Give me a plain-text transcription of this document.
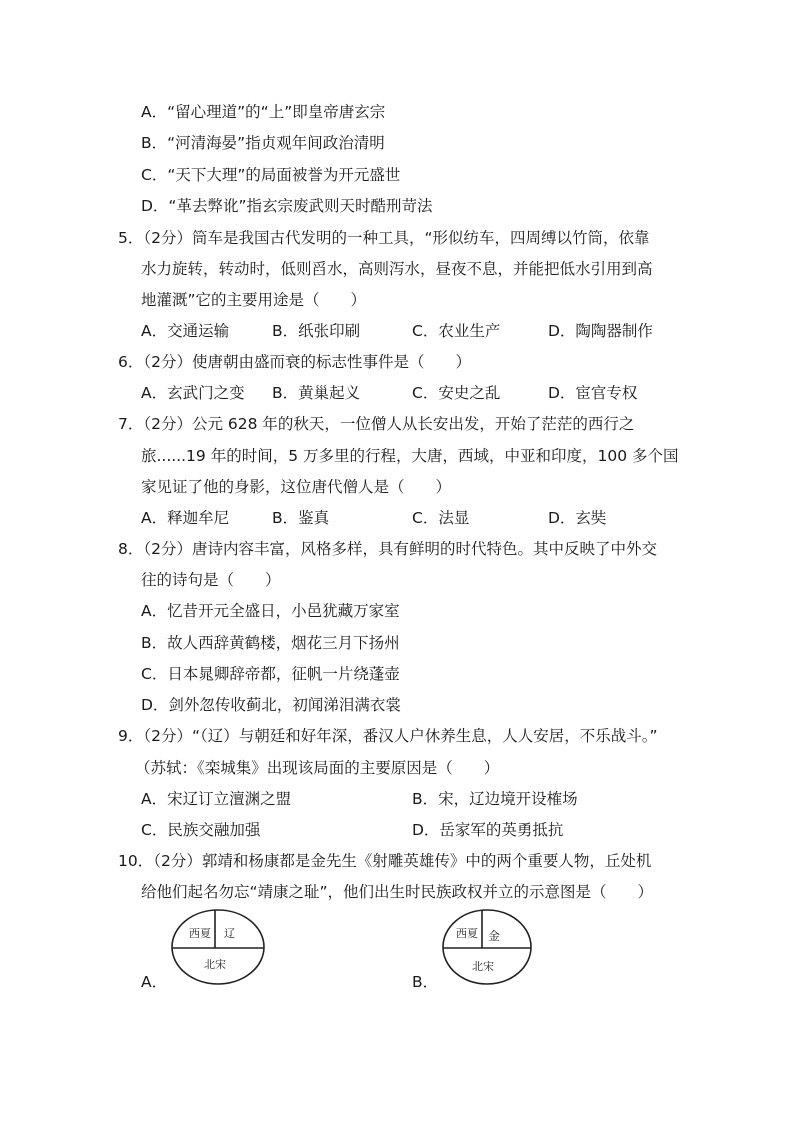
A．“留心理道”的“上”即皇帝唐玄宗
B．“河清海晏”指贞观年间政治清明
C．“天下大理”的局面被誉为开元盛世
D．“革去弊讹”指玄宗废武则天时酷刑苛法
5．（2分）筒车是我国古代发明的一种工具，“形似纺车，四周缚以竹筒，依靠
水力旋转，转动时，低则舀水，高则泻水，昼夜不息，并能把低水引用到高
地灌溉”它的主要用途是（　　）
A．交通运输	B．纸张印刷	C．农业生产	D．陶陶器制作
6．（2分）使唐朝由盛而衰的标志性事件是（　　）
A．玄武门之变 B．黄巢起义	C．安史之乱	D．宦官专权
7．（2分）公元 628 年的秋天，一位僧人从长安出发，开始了茫茫的西行之
旅......19 年的时间，5 万多里的行程，大唐，西域，中亚和印度，100 多个国
家见证了他的身影，这位唐代僧人是（　　）
A．释迦牟尼	B．鉴真	C．法显	D．玄奘
8．（2分）唐诗内容丰富，风格多样，具有鲜明的时代特色。其中反映了中外交
往的诗句是（　　）
A．忆昔开元全盛日，小邑犹藏万家室
B．故人西辞黄鹤楼，烟花三月下扬州
C．日本晁卿辞帝都，征帆一片绕蓬壶
D．剑外忽传收蓟北，初闻涕泪满衣裳
9．（2分）“（辽）与朝廷和好年深，番汉人户休养生息，人人安居，不乐战斗。”
（苏轼：《栾城集》出现该局面的主要原因是（　　）
A．宋辽订立澶渊之盟	B．宋，辽边境开设榷场
C．民族交融加强	D．岳家军的英勇抵抗
10．（2分）郭靖和杨康都是金先生《射雕英雄传》中的两个重要人物，丘处机
给他们起名勿忘“靖康之耻”，他们出生时民族政权并立的示意图是（　　）
A．
西夏 辽
北宋
B．
西夏 金
北宋
